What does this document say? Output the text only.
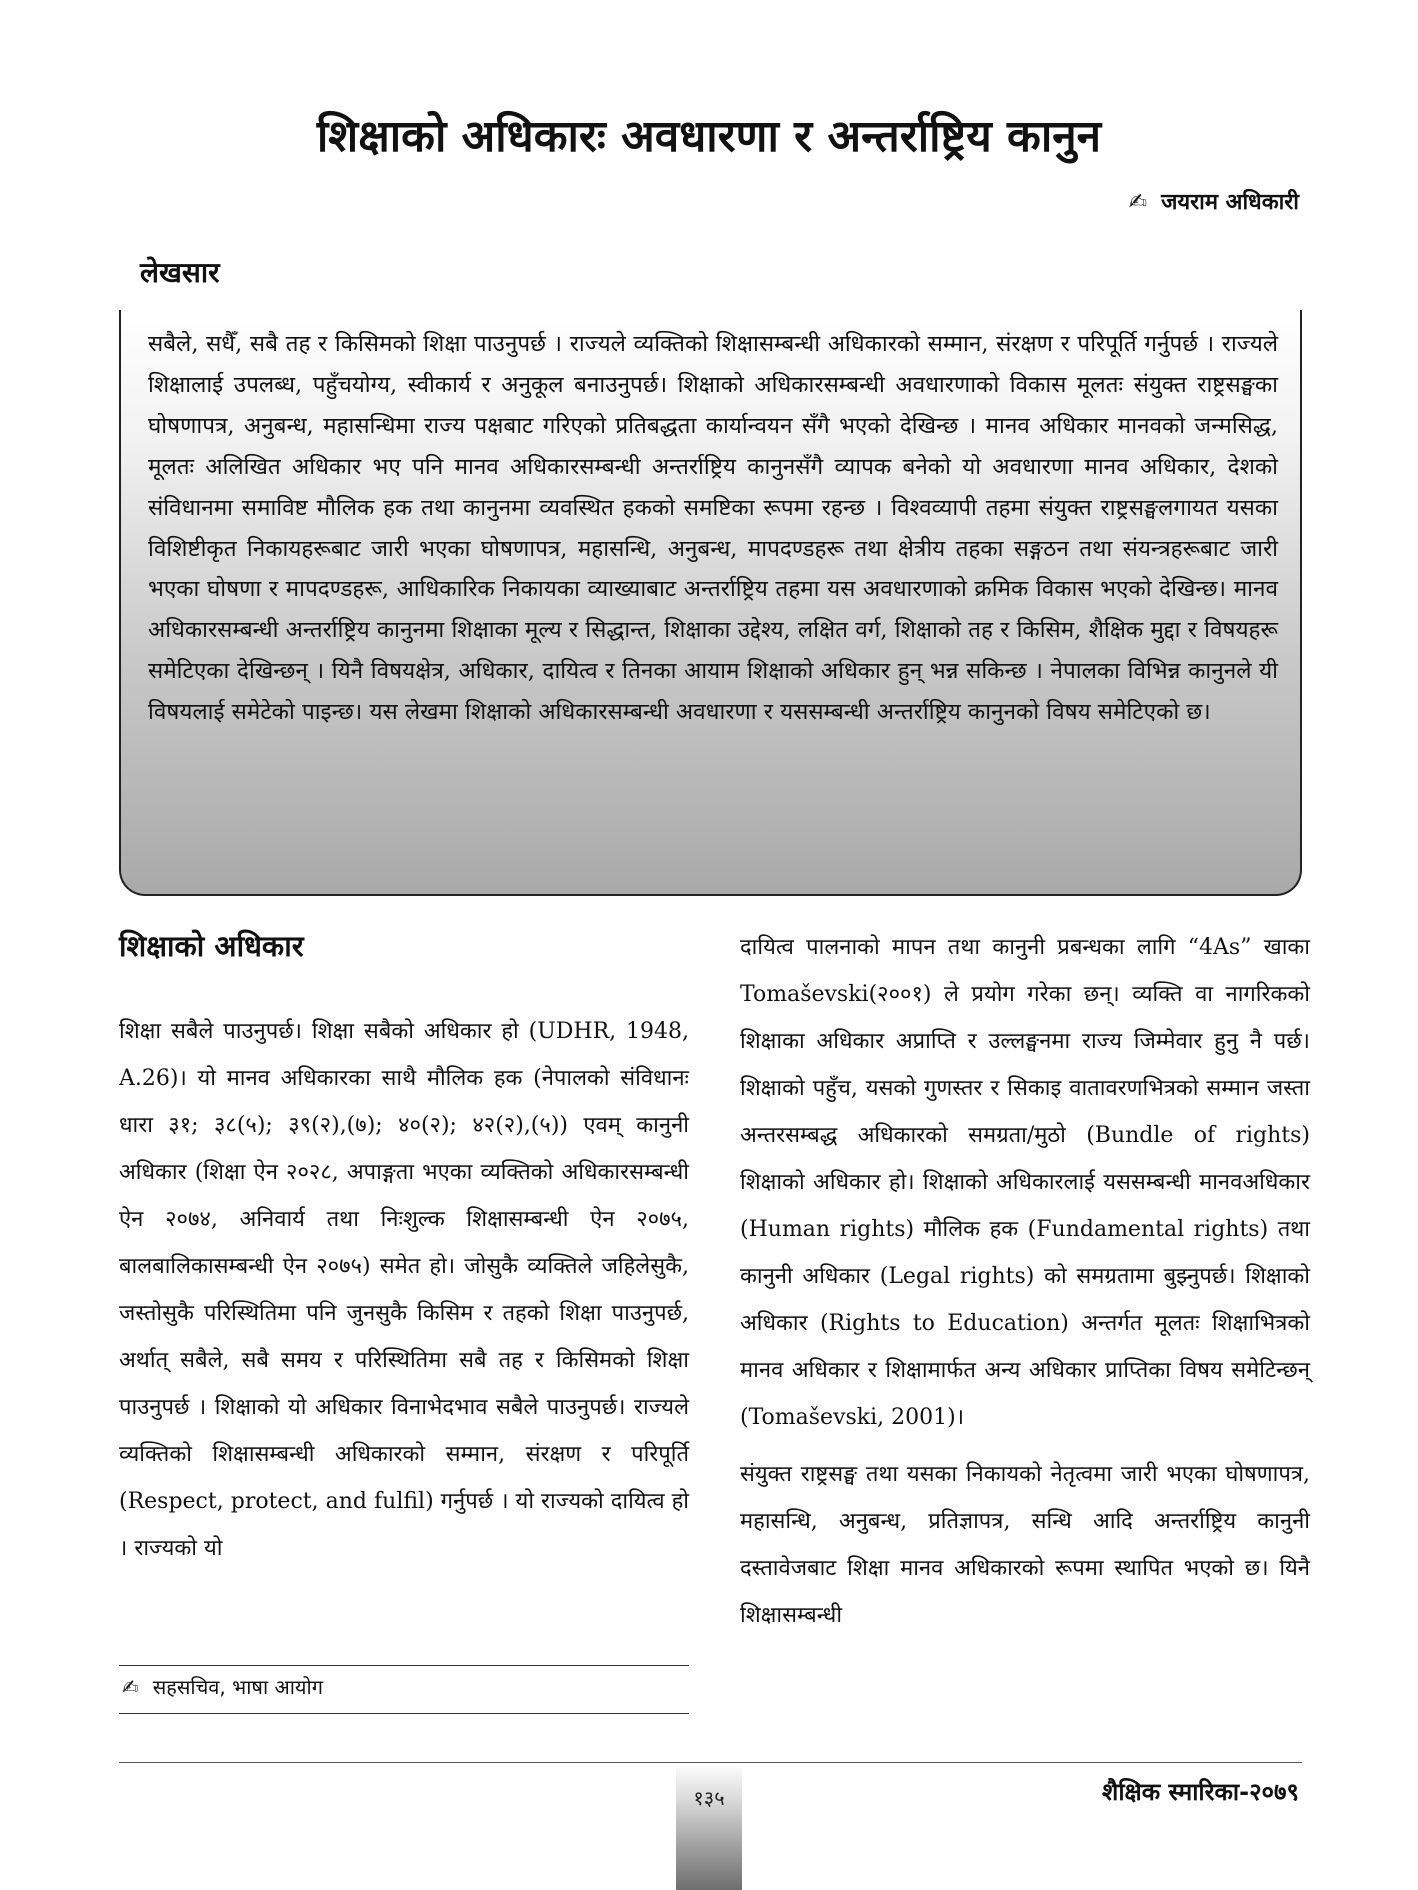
शिक्षाको अधिकारः अवधारणा र अन्तर्राष्ट्रिय कानुन
✍ जयराम अधिकारी
लेखसार

सबैले, सधैँ, सबै तह र किसिमको शिक्षा पाउनुपर्छ । राज्यले व्यक्तिको शिक्षासम्बन्धी अधिकारको सम्मान, संरक्षण र परिपूर्ति गर्नुपर्छ । राज्यले शिक्षालाई उपलब्ध, पहुँचयोग्य, स्वीकार्य र अनुकूल बनाउनुपर्छ। शिक्षाको अधिकारसम्बन्धी अवधारणाको विकास मूलतः संयुक्त राष्ट्रसङ्घका घोषणापत्र, अनुबन्ध, महासन्धिमा राज्य पक्षबाट गरिएको प्रतिबद्धता कार्यान्वयन सँगै भएको देखिन्छ । मानव अधिकार मानवको जन्मसिद्ध, मूलतः अलिखित अधिकार भए पनि मानव अधिकारसम्बन्धी अन्तर्राष्ट्रिय कानुनसँगै व्यापक बनेको यो अवधारणा मानव अधिकार, देशको संविधानमा समाविष्ट मौलिक हक तथा कानुनमा व्यवस्थित हकको समष्टिका रूपमा रहन्छ । विश्वव्यापी तहमा संयुक्त राष्ट्रसङ्घलगायत यसका विशिष्टीकृत निकायहरूबाट जारी भएका घोषणापत्र, महासन्धि, अनुबन्ध, मापदण्डहरू तथा क्षेत्रीय तहका सङ्गठन तथा संयन्त्रहरूबाट जारी भएका घोषणा र मापदण्डहरू, आधिकारिक निकायका व्याख्याबाट अन्तर्राष्ट्रिय तहमा यस अवधारणाको क्रमिक विकास भएको देखिन्छ। मानव अधिकारसम्बन्धी अन्तर्राष्ट्रिय कानुनमा शिक्षाका मूल्य र सिद्धान्त, शिक्षाका उद्देश्य, लक्षित वर्ग, शिक्षाको तह र किसिम, शैक्षिक मुद्दा र विषयहरू समेटिएका देखिन्छन् । यिनै विषयक्षेत्र, अधिकार, दायित्व र तिनका आयाम शिक्षाको अधिकार हुन् भन्न सकिन्छ । नेपालका विभिन्न कानुनले यी विषयलाई समेटेको पाइन्छ। यस लेखमा शिक्षाको अधिकारसम्बन्धी अवधारणा र यससम्बन्धी अन्तर्राष्ट्रिय कानुनको विषय समेटिएको छ।

शिक्षाको अधिकार

शिक्षा सबैले पाउनुपर्छ। शिक्षा सबैको अधिकार हो (UDHR, 1948, A.26)। यो मानव अधिकारका साथै मौलिक हक (नेपालको संविधानः धारा ३१; ३८(५); ३९(२),(७); ४०(२); ४२(२),(५)) एवम् कानुनी अधिकार (शिक्षा ऐन २०२८, अपाङ्गता भएका व्यक्तिको अधिकारसम्बन्धी ऐन २०७४, अनिवार्य तथा निःशुल्क शिक्षासम्बन्धी ऐन २०७५, बालबालिकासम्बन्धी ऐन २०७५) समेत हो। जोसुकै व्यक्तिले जहिलेसुकै, जस्तोसुकै परिस्थितिमा पनि जुनसुकै किसिम र तहको शिक्षा पाउनुपर्छ, अर्थात् सबैले, सबै समय र परिस्थितिमा सबै तह र किसिमको शिक्षा पाउनुपर्छ । शिक्षाको यो अधिकार विनाभेदभाव सबैले पाउनुपर्छ। राज्यले व्यक्तिको शिक्षासम्बन्धी अधिकारको सम्मान, संरक्षण र परिपूर्ति (Respect, protect, and fulfil) गर्नुपर्छ । यो राज्यको दायित्व हो । राज्यको यो

दायित्व पालनाको मापन तथा कानुनी प्रबन्धका लागि “4As” खाका Tomaševski(२००१) ले प्रयोग गरेका छन्। व्यक्ति वा नागरिकको शिक्षाका अधिकार अप्राप्ति र उल्लङ्घनमा राज्य जिम्मेवार हुनु नै पर्छ। शिक्षाको पहुँच, यसको गुणस्तर र सिकाइ वातावरणभित्रको सम्मान जस्ता अन्तरसम्बद्ध अधिकारको समग्रता/मुठो (Bundle of rights) शिक्षाको अधिकार हो। शिक्षाको अधिकारलाई यससम्बन्धी मानवअधिकार (Human rights) मौलिक हक (Fundamental rights) तथा कानुनी अधिकार (Legal rights) को समग्रतामा बुझ्नुपर्छ। शिक्षाको अधिकार (Rights to Education) अन्तर्गत मूलतः शिक्षाभित्रको मानव अधिकार र शिक्षामार्फत अन्य अधिकार प्राप्तिका विषय समेटिन्छन् (Tomaševski, 2001)।

संयुक्त राष्ट्रसङ्घ तथा यसका निकायको नेतृत्वमा जारी भएका घोषणापत्र, महासन्धि, अनुबन्ध, प्रतिज्ञापत्र, सन्धि आदि अन्तर्राष्ट्रिय कानुनी दस्तावेजबाट शिक्षा मानव अधिकारको रूपमा स्थापित भएको छ। यिनै शिक्षासम्बन्धी

✍ सहसचिव, भाषा आयोग
१३५	शैक्षिक स्मारिका-२०७९
